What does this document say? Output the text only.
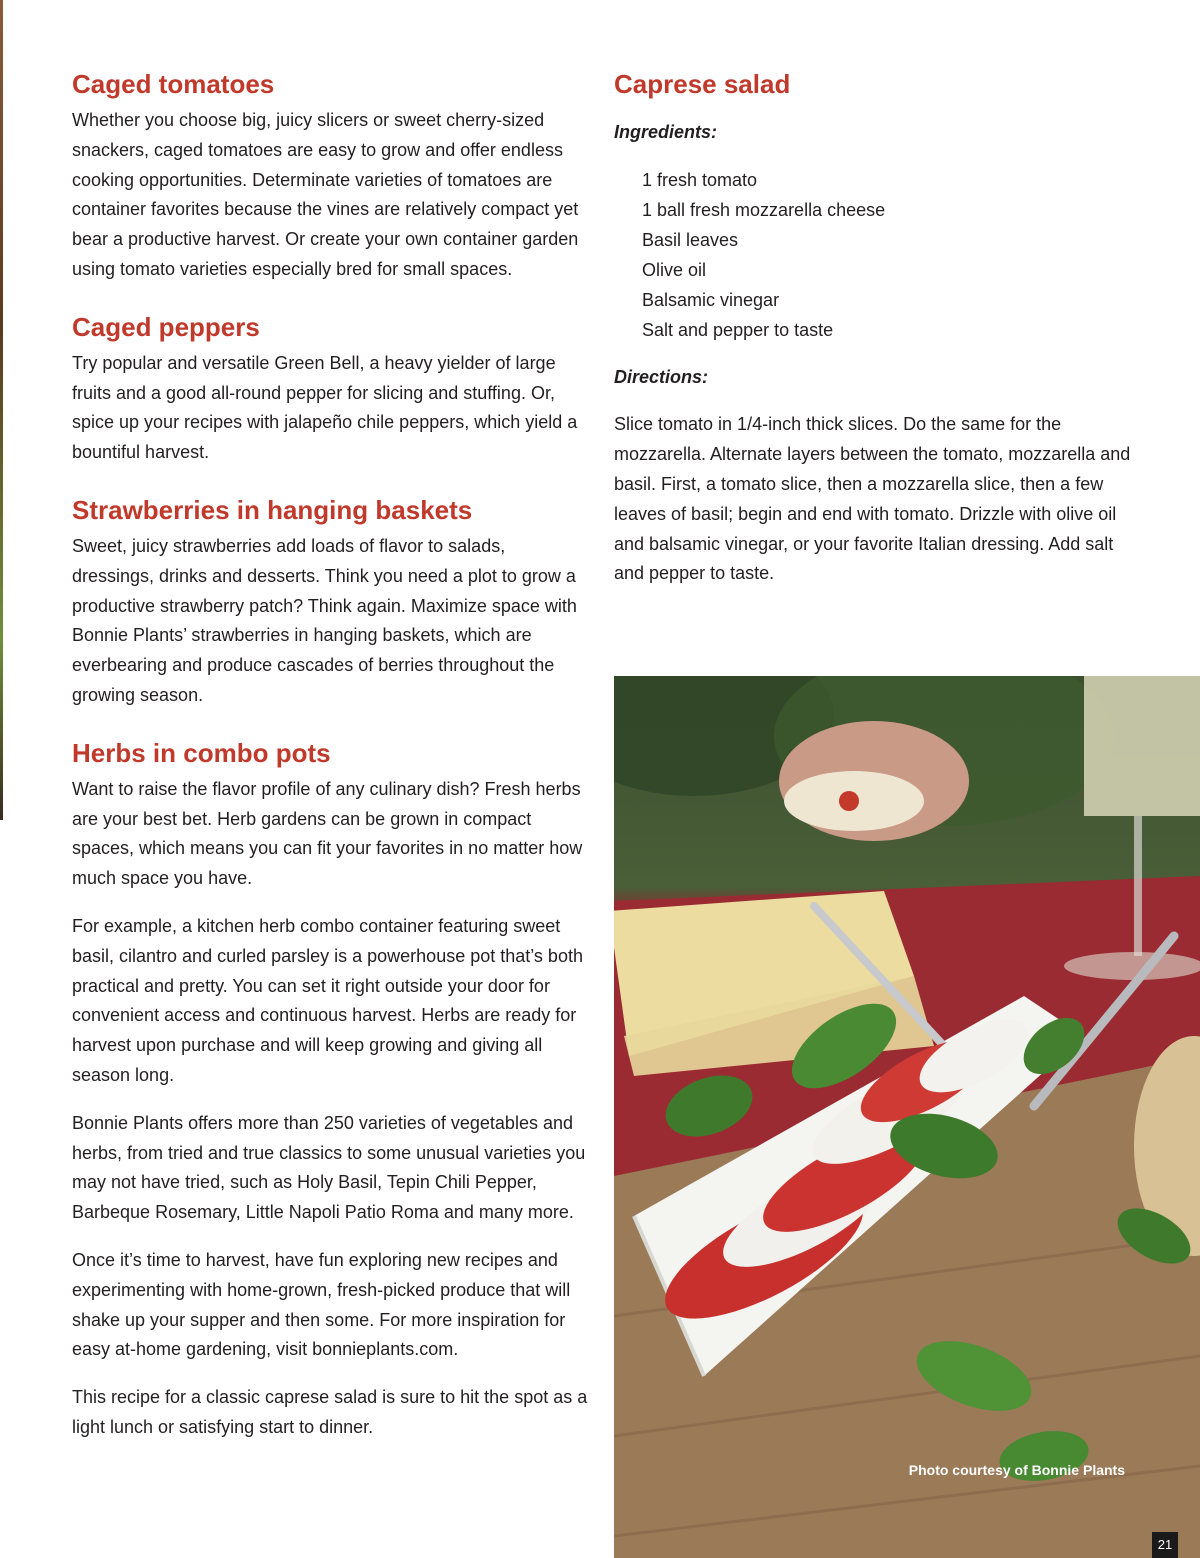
Caged tomatoes

Whether you choose big, juicy slicers or sweet cherry-sized snackers, caged tomatoes are easy to grow and offer endless cooking opportunities. Determinate varieties of tomatoes are container favorites because the vines are relatively compact yet bear a productive harvest. Or create your own container garden using tomato varieties especially bred for small spaces.

Caged peppers

Try popular and versatile Green Bell, a heavy yielder of large fruits and a good all-round pepper for slicing and stuffing. Or, spice up your recipes with jalapeño chile peppers, which yield a bountiful harvest.

Strawberries in hanging baskets

Sweet, juicy strawberries add loads of flavor to salads, dressings, drinks and desserts. Think you need a plot to grow a productive strawberry patch? Think again. Maximize space with Bonnie Plants’ strawberries in hanging baskets, which are everbearing and produce cascades of berries throughout the growing season.

Herbs in combo pots

Want to raise the flavor profile of any culinary dish? Fresh herbs are your best bet. Herb gardens can be grown in compact spaces, which means you can fit your favorites in no matter how much space you have.

For example, a kitchen herb combo container featuring sweet basil, cilantro and curled parsley is a powerhouse pot that’s both practical and pretty. You can set it right outside your door for convenient access and continuous harvest. Herbs are ready for harvest upon purchase and will keep growing and giving all season long.

Bonnie Plants offers more than 250 varieties of vegetables and herbs, from tried and true classics to some unusual varieties you may not have tried, such as Holy Basil, Tepin Chili Pepper, Barbeque Rosemary, Little Napoli Patio Roma and many more.

Once it’s time to harvest, have fun exploring new recipes and experimenting with home-grown, fresh-picked produce that will shake up your supper and then some. For more inspiration for easy at-home gardening, visit bonnieplants.com.

This recipe for a classic caprese salad is sure to hit the spot as a light lunch or satisfying start to dinner.

Caprese salad

Ingredients:

1 fresh tomato
1 ball fresh mozzarella cheese
Basil leaves
Olive oil
Balsamic vinegar
Salt and pepper to taste

Directions:

Slice tomato in 1/4-inch thick slices. Do the same for the mozzarella. Alternate layers between the tomato, mozzarella and basil. First, a tomato slice, then a mozzarella slice, then a few leaves of basil; begin and end with tomato. Drizzle with olive oil and balsamic vinegar, or your favorite Italian dressing. Add salt and pepper to taste.

Photo courtesy of Bonnie Plants
21
